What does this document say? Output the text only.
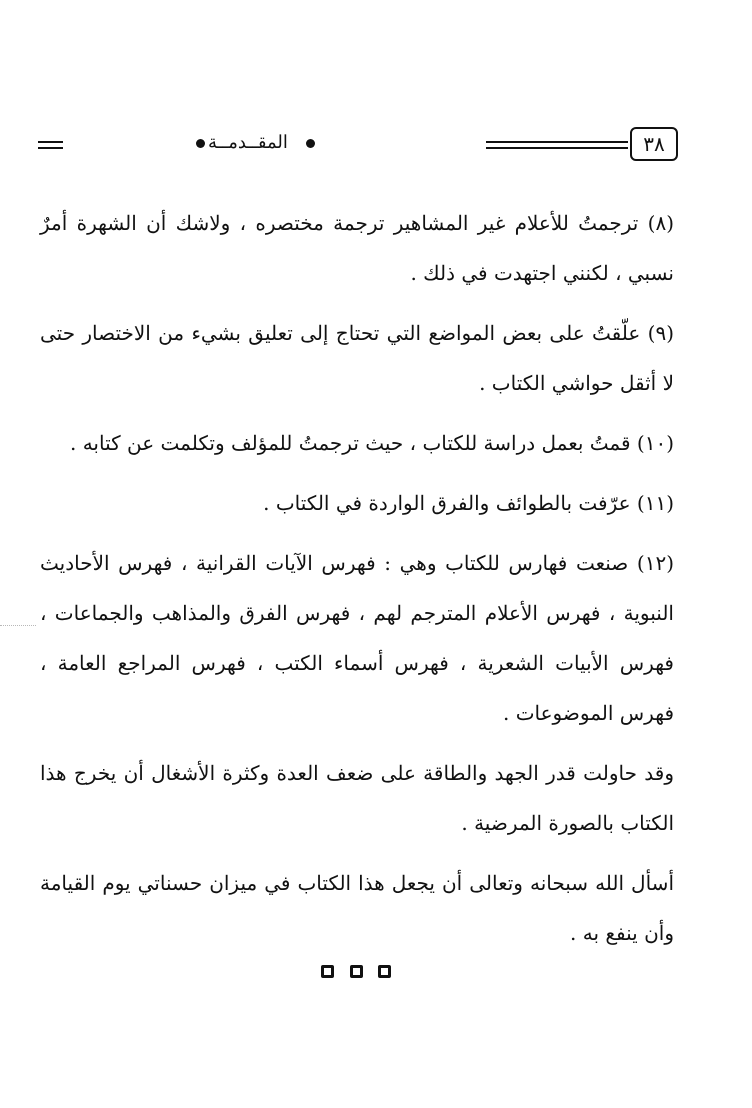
٣٨
المقــدمــة

(٨) ترجمتُ للأعلام غير المشاهير ترجمة مختصره ، ولاشك أن الشهرة أمرٌ نسبي ، لكنني اجتهدت في ذلك .

(٩) علّقتُ على بعض المواضع التي تحتاج إلى تعليق بشيء من الاختصار حتى لا أثقل حواشي الكتاب .

(١٠) قمتُ بعمل دراسة للكتاب ، حيث ترجمتُ للمؤلف وتكلمت عن كتابه .

(١١) عرّفت بالطوائف والفرق الواردة في الكتاب .

(١٢) صنعت فهارس للكتاب وهي : فهرس الآيات القرانية ، فهرس الأحاديث النبوية ، فهرس الأعلام المترجم لهم ، فهرس الفرق والمذاهب والجماعات ، فهرس الأبيات الشعرية ، فهرس أسماء الكتب ، فهرس المراجع العامة ، فهرس الموضوعات .

وقد حاولت قدر الجهد والطاقة على ضعف العدة وكثرة الأشغال أن يخرج هذا الكتاب بالصورة المرضية .

أسأل الله سبحانه وتعالى أن يجعل هذا الكتاب في ميزان حسناتي يوم القيامة وأن ينفع به .
